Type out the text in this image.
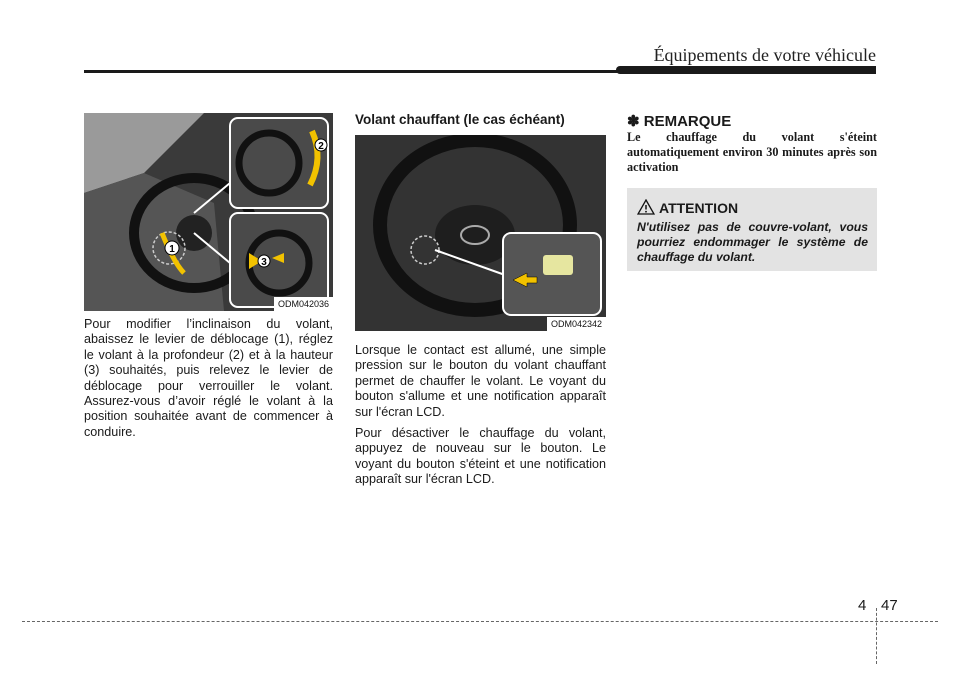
Équipements de votre véhicule
1
2
3
ODM042036

Pour modifier l’inclinaison du volant, abaissez le levier de déblocage (1), réglez le volant à la profondeur (2) et à la hauteur (3) souhaités, puis relevez le levier de déblocage pour verrouiller le volant. Assurez-vous d’avoir réglé le volant à la position souhaitée avant de commencer à conduire.

Volant chauffant (le cas échéant)
ODM042342

Lorsque le contact est allumé, une simple pression sur le bouton du volant chauffant permet de chauffer le volant. Le voyant du bouton s'allume et une notification apparaît sur l'écran LCD.

Pour désactiver le chauffage du volant, appuyez de nouveau sur le bouton. Le voyant du bouton s'éteint et une notification apparaît sur l'écran LCD.

✽ REMARQUE
Le chauffage du volant s'éteint automatiquement environ 30 minutes après son activation
ATTENTION
N'utilisez pas de couvre-volant, vous pourriez endommager le système de chauffage du volant.
4 47
